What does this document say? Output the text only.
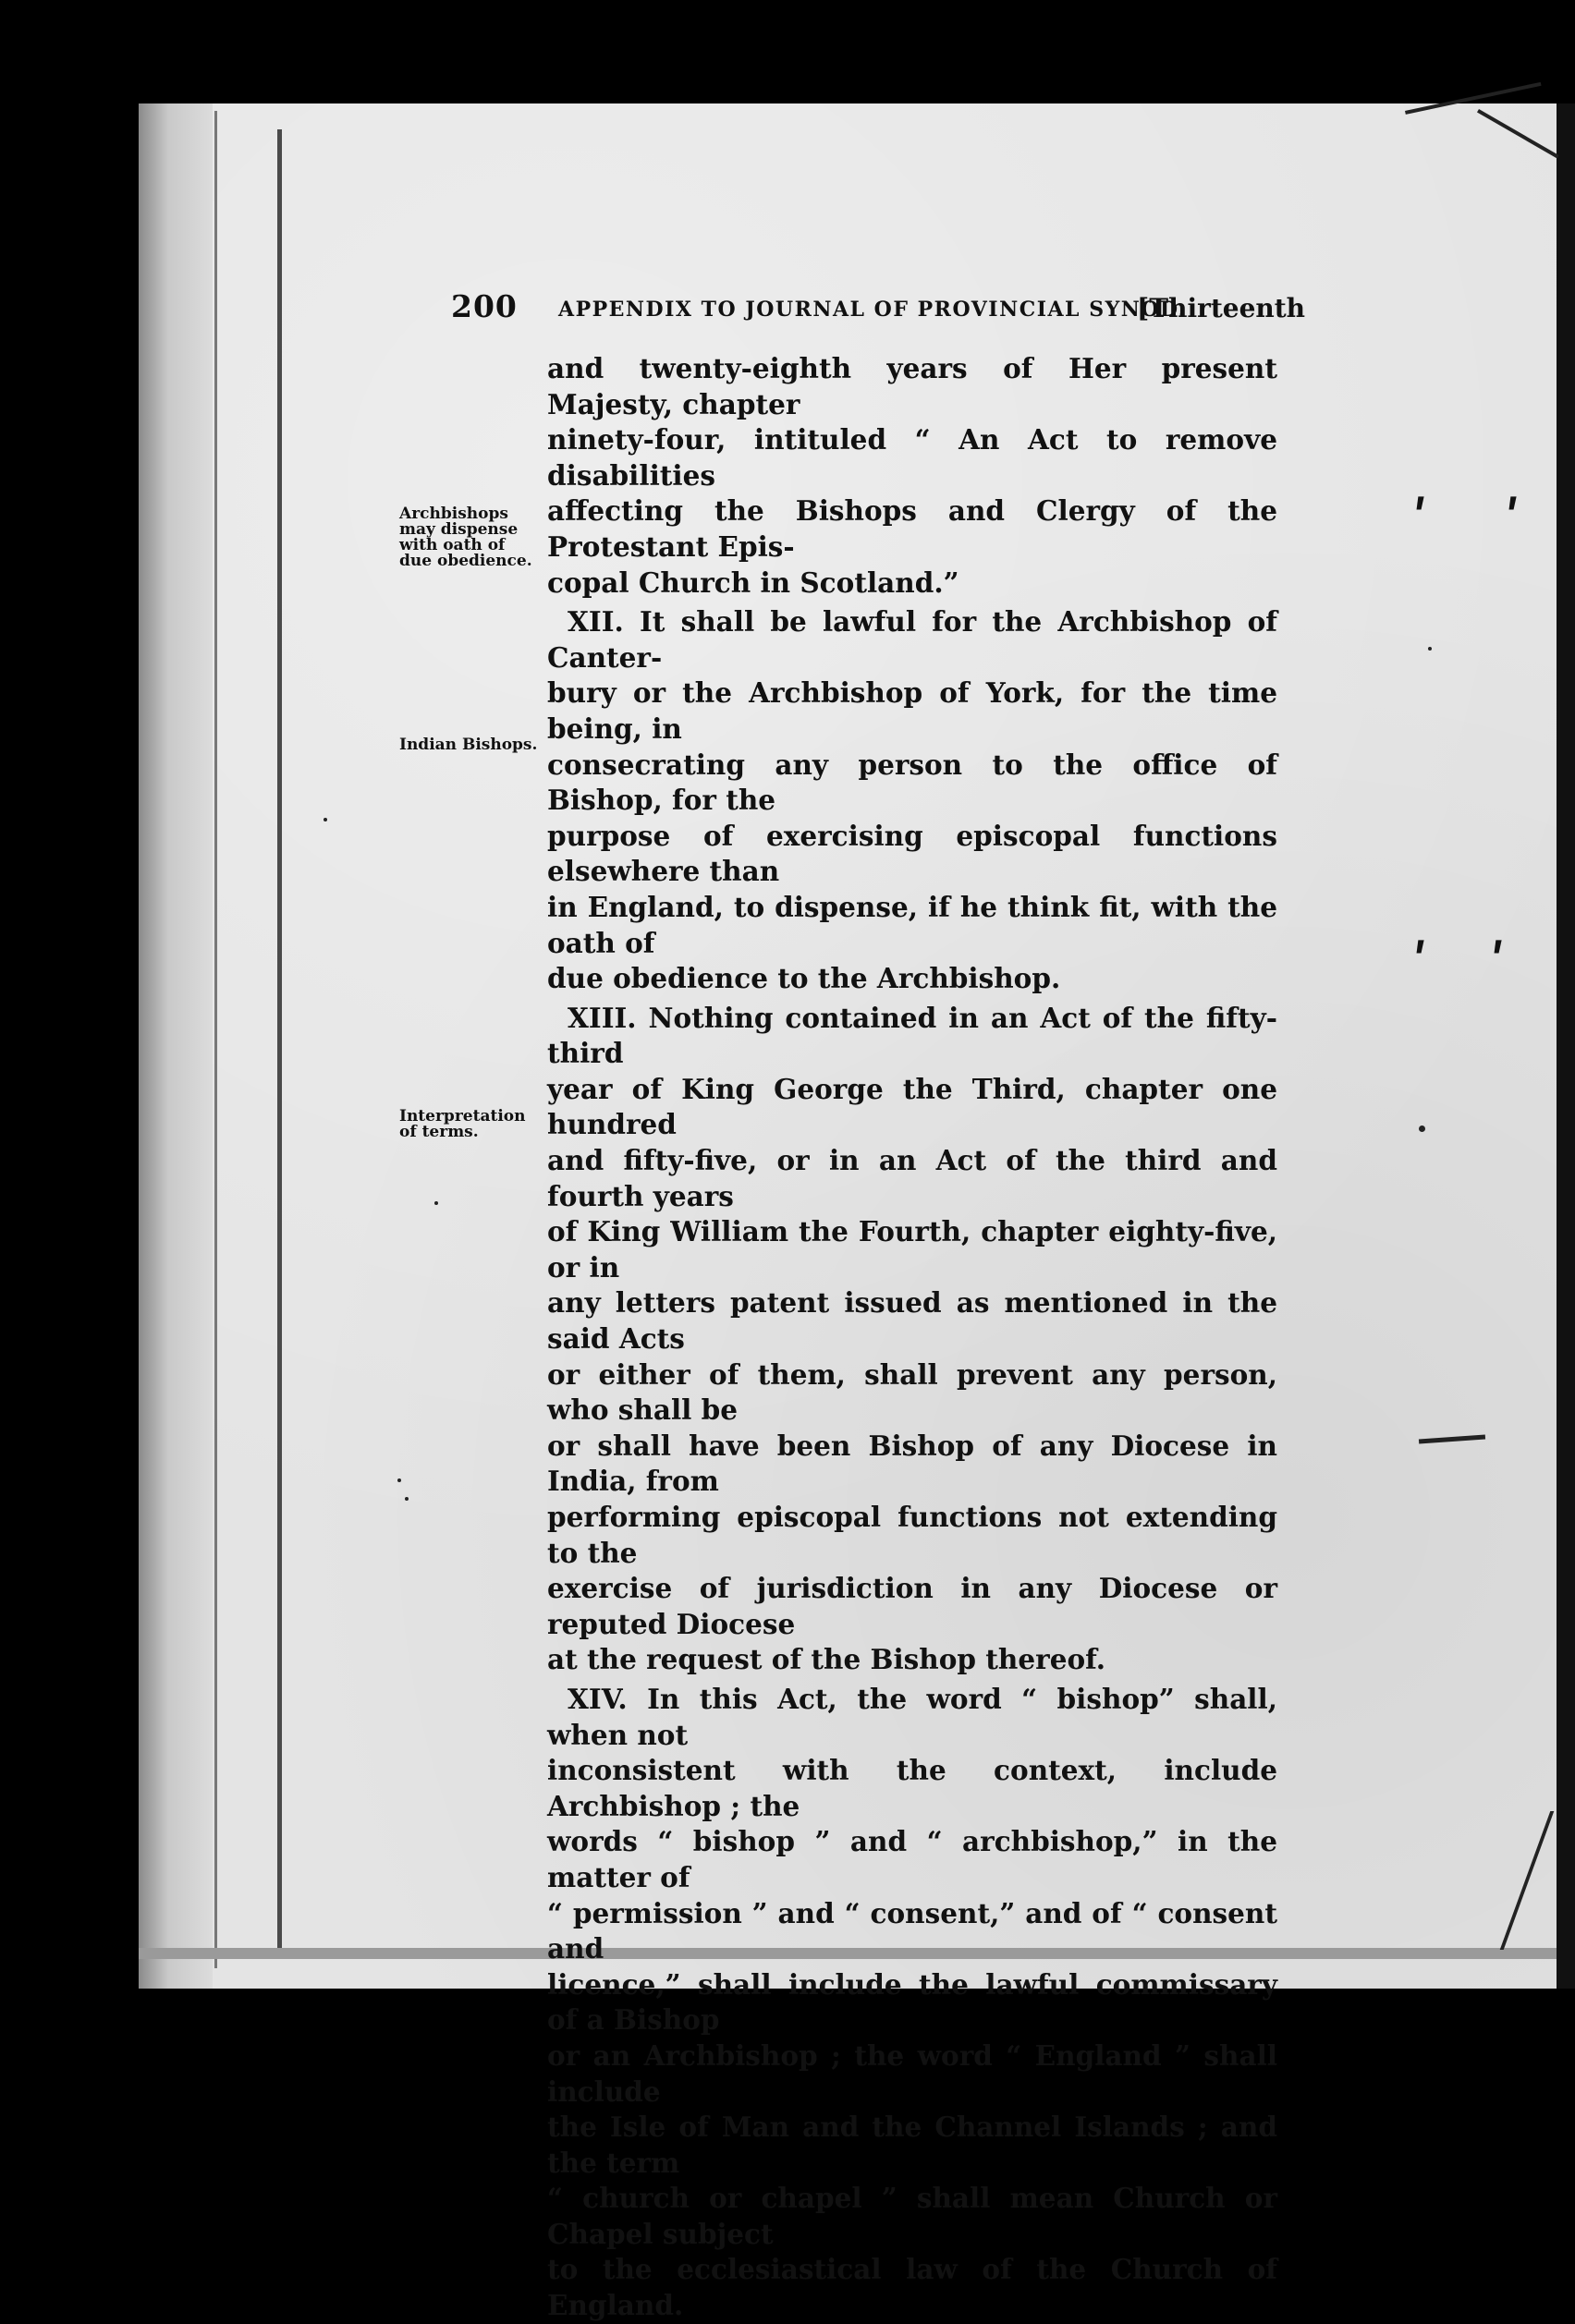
ʹ ʹ
ʹ ʹ
200 APPENDIX TO JOURNAL OF PROVINCIAL SYNOD.
[Thirteenth
Archbishops
may dispense
with oath of
due obedience.
Indian Bishops.
Interpretation
of terms.

and twenty-eighth years of Her present Majesty, chapter
ninety-four, intituled “ An Act to remove disabilities
affecting the Bishops and Clergy of the Protestant Epis-
copal Church in Scotland.”

XII. It shall be lawful for the Archbishop of Canter-
bury or the Archbishop of York, for the time being, in
consecrating any person to the office of Bishop, for the
purpose of exercising episcopal functions elsewhere than
in England, to dispense, if he think fit, with the oath of
due obedience to the Archbishop.

XIII. Nothing contained in an Act of the fifty-third
year of King George the Third, chapter one hundred
and fifty-five, or in an Act of the third and fourth years
of King William the Fourth, chapter eighty-five, or in
any letters patent issued as mentioned in the said Acts
or either of them, shall prevent any person, who shall be
or shall have been Bishop of any Diocese in India, from
performing episcopal functions not extending to the
exercise of jurisdiction in any Diocese or reputed Diocese
at the request of the Bishop thereof.

XIV. In this Act, the word “ bishop” shall, when not
inconsistent with the context, include Archbishop ; the
words “ bishop ” and “ archbishop,” in the matter of
“ permission ” and “ consent,” and of “ consent and
licence,” shall include the lawful commissary of a Bishop
or an Archbishop ; the word “ England ” shall include
the Isle of Man and the Channel Islands ; and the term
“ church or chapel ” shall mean Church or Chapel subject
to the ecclesiastical law of the Church of England.
